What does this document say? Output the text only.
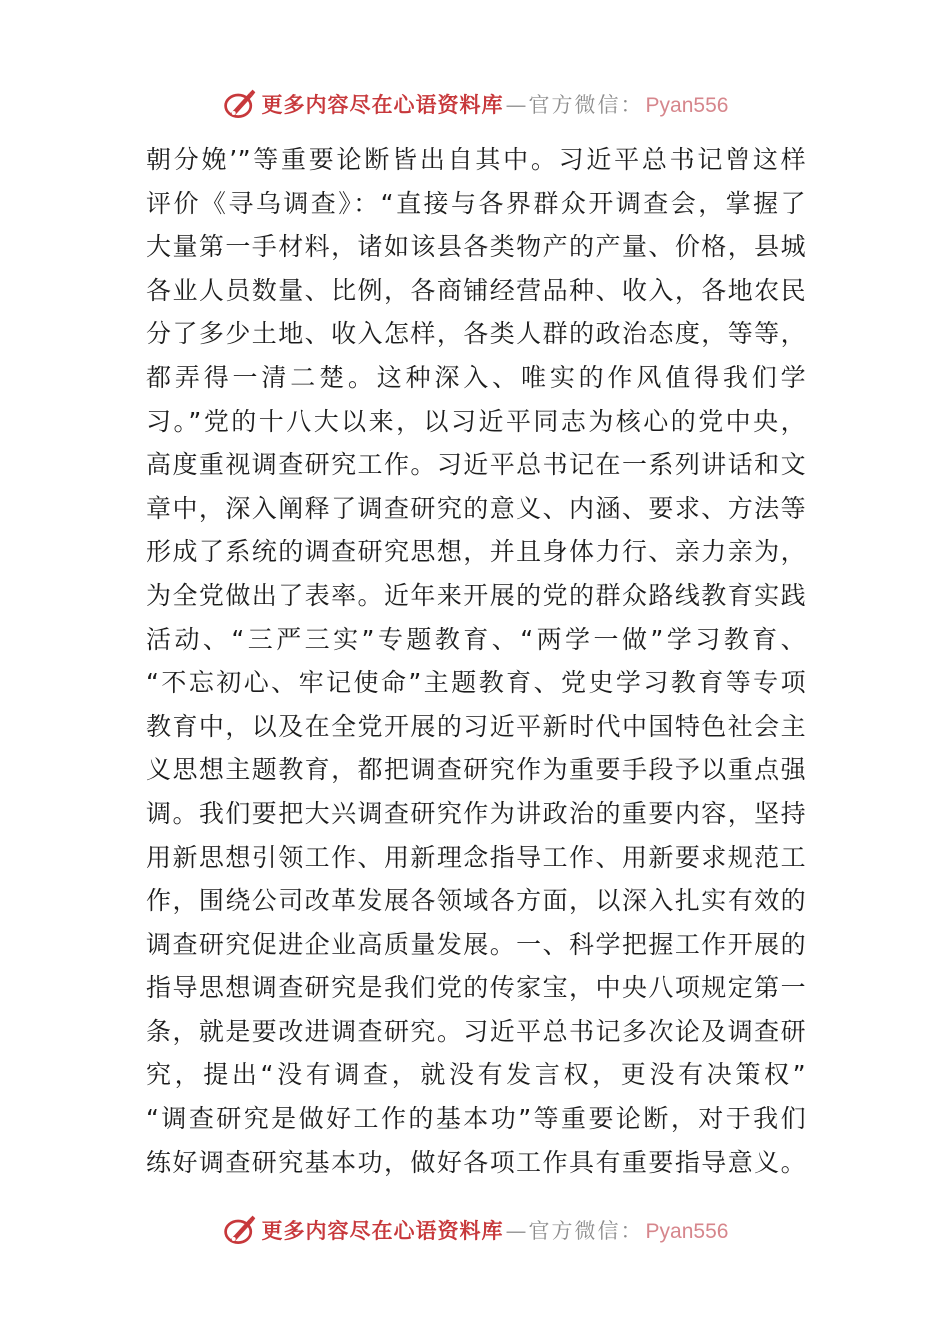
更多内容尽在心语资料库 — 官方微信： Pyan556
朝分娩’”等重要论断皆出自其中。习近平总书记曾这样
评价《寻乌调查》：“直接与各界群众开调查会，掌握了
大量第一手材料，诸如该县各类物产的产量、价格，县城
各业人员数量、比例，各商铺经营品种、收入，各地农民
分了多少土地、收入怎样，各类人群的政治态度，等等，
都弄得一清二楚。这种深入、唯实的作风值得我们学
习。”党的十八大以来，以习近平同志为核心的党中央，
高度重视调查研究工作。习近平总书记在一系列讲话和文
章中，深入阐释了调查研究的意义、内涵、要求、方法等
形成了系统的调查研究思想，并且身体力行、亲力亲为，
为全党做出了表率。近年来开展的党的群众路线教育实践
活动、“三严三实”专题教育、“两学一做”学习教育、
“不忘初心、牢记使命”主题教育、党史学习教育等专项
教育中，以及在全党开展的习近平新时代中国特色社会主
义思想主题教育，都把调查研究作为重要手段予以重点强
调。我们要把大兴调查研究作为讲政治的重要内容，坚持
用新思想引领工作、用新理念指导工作、用新要求规范工
作，围绕公司改革发展各领域各方面，以深入扎实有效的
调查研究促进企业高质量发展。一、科学把握工作开展的
指导思想调查研究是我们党的传家宝，中央八项规定第一
条，就是要改进调查研究。习近平总书记多次论及调查研
究，提出“没有调查，就没有发言权，更没有决策权”
“调查研究是做好工作的基本功”等重要论断，对于我们
练好调查研究基本功，做好各项工作具有重要指导意义。
更多内容尽在心语资料库 — 官方微信： Pyan556
